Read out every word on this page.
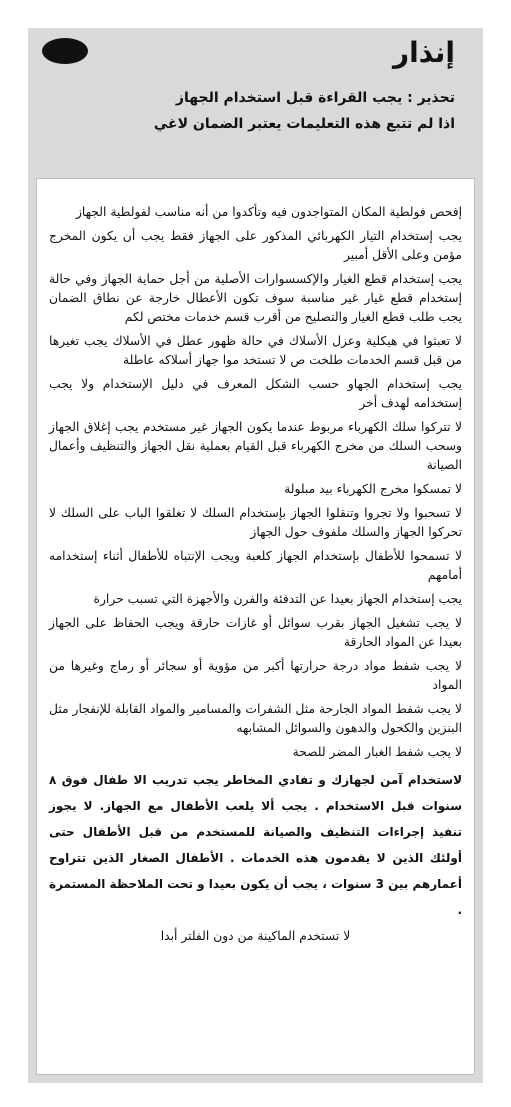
إنذار
تحذير : يجب القراءة قبل استخدام الجهاز
اذا لم تتبع هذه التعليمات يعتبر الضمان لاغي

إفحص فولطية المكان المتواجدون فيه وتأكدوا من أنه مناسب لفولطية الجهاز

يجب إستخدام التيار الكهربائي المذكور على الجهاز فقط يجب أن يكون المخرج مؤمن وعلى الأقل أمبير

يجب إستخدام قطع الغيار والإكسسوارات الأصلية من أجل حماية الجهاز وفي حالة إستخدام قطع غيار غير مناسبة سوف تكون الأعطال خارجة عن نطاق الضمان يجب طلب قطع الغيار والتصليح من أقرب قسم خدمات مختص لكم

لا تعبثوا في هيكلية وعزل الأسلاك في حالة ظهور عطل في الأسلاك يجب تغيرها من قبل قسم الخدمات طلخت ص لا تستخد موا جهاز أسلاكه عاطلة

يجب إستخدام الجهاو حسب الشكل المعرف في دليل الإستخدام ولا يجب إستخدامه لهدف أخر

لا تتركوا سلك الكهرباء مربوط عندما يكون الجهاز غير مستخدم يجب إغلاق الجهاز وسحب السلك من مخرج الكهرباء قبل القيام بعملية نقل الجهاز والتنظيف وأعمال الصيانة

لا تمسكوا مخرج الكهرباء بيد مبلولة

لا تسحبوا ولا تجروا وتنقلوا الجهاز بإستخدام السلك لا تغلقوا الباب على السلك لا تحركوا الجهاز والسلك ملفوف حول الجهاز

لا تسمحوا للأطفال بإستخدام الجهاز كلعبة ويجب الإنتباه للأطفال أثناء إستخدامه أمامهم

يجب إستخدام الجهاز بعيدا عن التدفئة والفرن والأجهزة التي تسبب حرارة

لا يجب تشغيل الجهاز بقرب سوائل أو غازات حارقة ويجب الحفاظ على الجهاز بعيدا عن المواد الحارقة

لا يجب شفط مواد درجة حرارتها أكبر من مؤوية أو سجائر أو رماج وغيرها من المواد

لا يجب شفط المواد الجارحة مثل الشفرات والمسامير والمواد القابلة للإنفجار مثل البنزين والكحول والدهون والسوائل المشابهه

لا يجب شفط الغبار المضر للصحة

لاستخدام آمن لجهازك و تفادي المخاطر يجب تدريب الا طفال فوق ٨ سنوات قبل الاستخدام . يجب ألا يلعب الأطفال مع الجهاز. لا يجوز تنفيذ إجراءات التنظيف والصيانة للمستخدم من قبل الأطفال حتى أولئك الذين لا يقدمون هذه الخدمات . الأطفال الصغار الذين تتراوح أعمارهم بين 3 سنوات ، يجب أن يكون بعيدا و تحت الملاحظة المستمرة .

لا تستخدم الماكينة من دون الفلتر أبدا
